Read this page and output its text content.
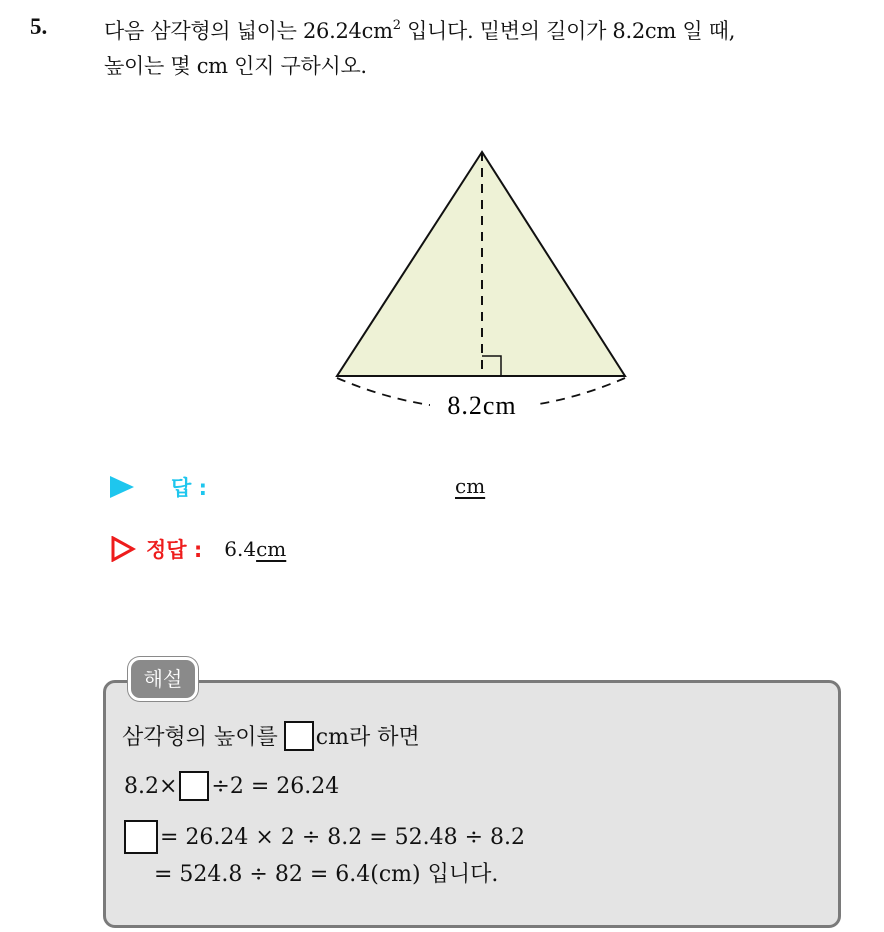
5.	다음 삼각형의 넓이는 $26.24cm^2$ 입니다. 밑변의 길이가 8.2cm 일 때,
높이는 몇 cm 인지 구하시오.
8.2cm
답 :	cm
정답 : 6.4cm
해설
삼각형의 높이를 cm라 하면
8.2× ÷2 = 26.24
= 26.24 × 2 ÷ 8.2 = 52.48 ÷ 8.2
= 524.8 ÷ 82 = 6.4(cm) 입니다.
